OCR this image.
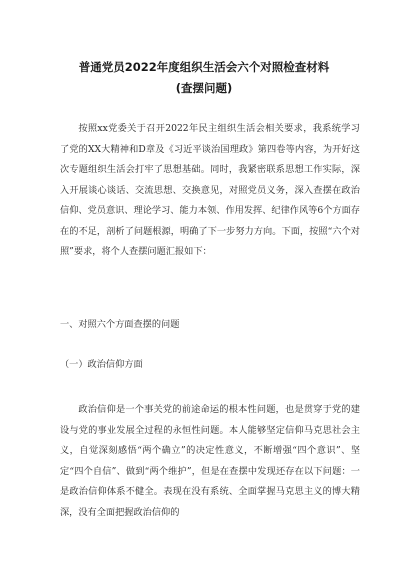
普通党员2022年度组织生活会六个对照检查材料
(查摆问题)
按照xx党委关于召开2022年民主组织生活会相关要求，我系统学习了党的XX大精神和D章及《习近平谈治国理政》第四卷等内容，为开好这次专题组织生活会打牢了思想基础。同时，我紧密联系思想工作实际，深入开展谈心谈话、交流思想、交换意见，对照党员义务，深入查摆在政治信仰、党员意识、理论学习、能力本领、作用发挥、纪律作风等6个方面存在的不足，剖析了问题根源，明确了下一步努力方向。下面，按照“六个对照”要求，将个人查摆问题汇报如下：
一、对照六个方面查摆的问题
（一）政治信仰方面
政治信仰是一个事关党的前途命运的根本性问题，也是贯穿于党的建设与党的事业发展全过程的永恒性问题。本人能够坚定信仰马克思社会主义，自觉深刻感悟“两个确立”的决定性意义，不断增强“四个意识”、坚定“四个自信”、做到“两个维护”，但是在查摆中发现还存在以下问题：一是政治信仰体系不健全。表现在没有系统、全面掌握马克思主义的博大精深，没有全面把握政治信仰的
